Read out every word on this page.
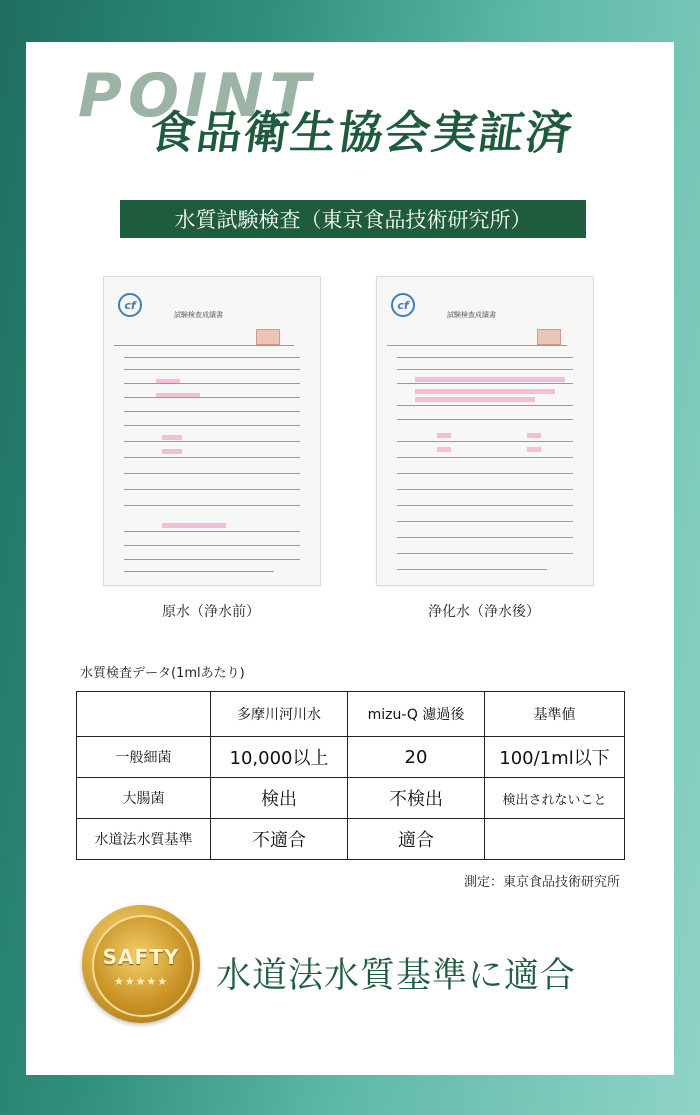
POINT
食品衛生協会実証済
水質試験検査（東京食品技術研究所）
cf
試験検査成績書
cf
試験検査成績書
原水（浄水前）	浄化水（浄水後）
水質検査データ(1mlあたり)
	多摩川河川水	mizu-Q 濾過後	基準値
一般細菌	10,000以上	20	100/1ml以下
大腸菌	検出	不検出	検出されないこと
水道法水質基準	不適合	適合	
測定：東京食品技術研究所
SAFTY
★★★★★	水道法水質基準に適合
